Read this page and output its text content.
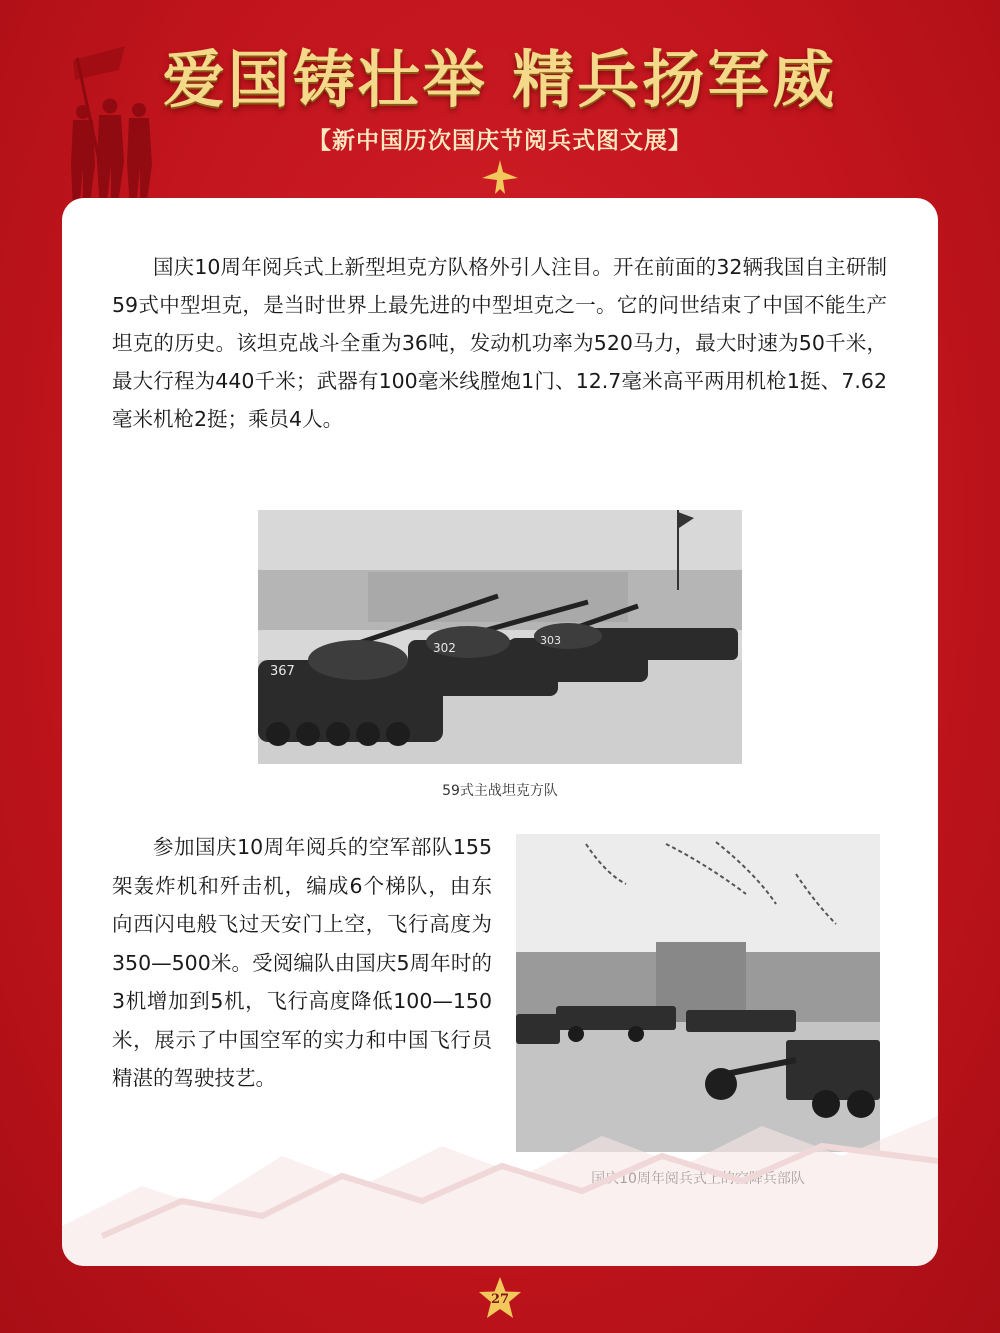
爱国铸壮举 精兵扬军威
【新中国历次国庆节阅兵式图文展】

国庆10周年阅兵式上新型坦克方队格外引人注目。开在前面的32辆我国自主研制59式中型坦克，是当时世界上最先进的中型坦克之一。它的问世结束了中国不能生产坦克的历史。该坦克战斗全重为36吨，发动机功率为520马力，最大时速为50千米，最大行程为440千米；武器有100毫米线膛炮1门、12.7毫米高平两用机枪1挺、7.62毫米机枪2挺；乘员4人。

367
302
303
59式主战坦克方队

参加国庆10周年阅兵的空军部队155架轰炸机和歼击机，编成6个梯队，由东向西闪电般飞过天安门上空，飞行高度为350—500米。受阅编队由国庆5周年时的3机增加到5机，飞行高度降低100—150米，展示了中国空军的实力和中国飞行员精湛的驾驶技艺。

27
